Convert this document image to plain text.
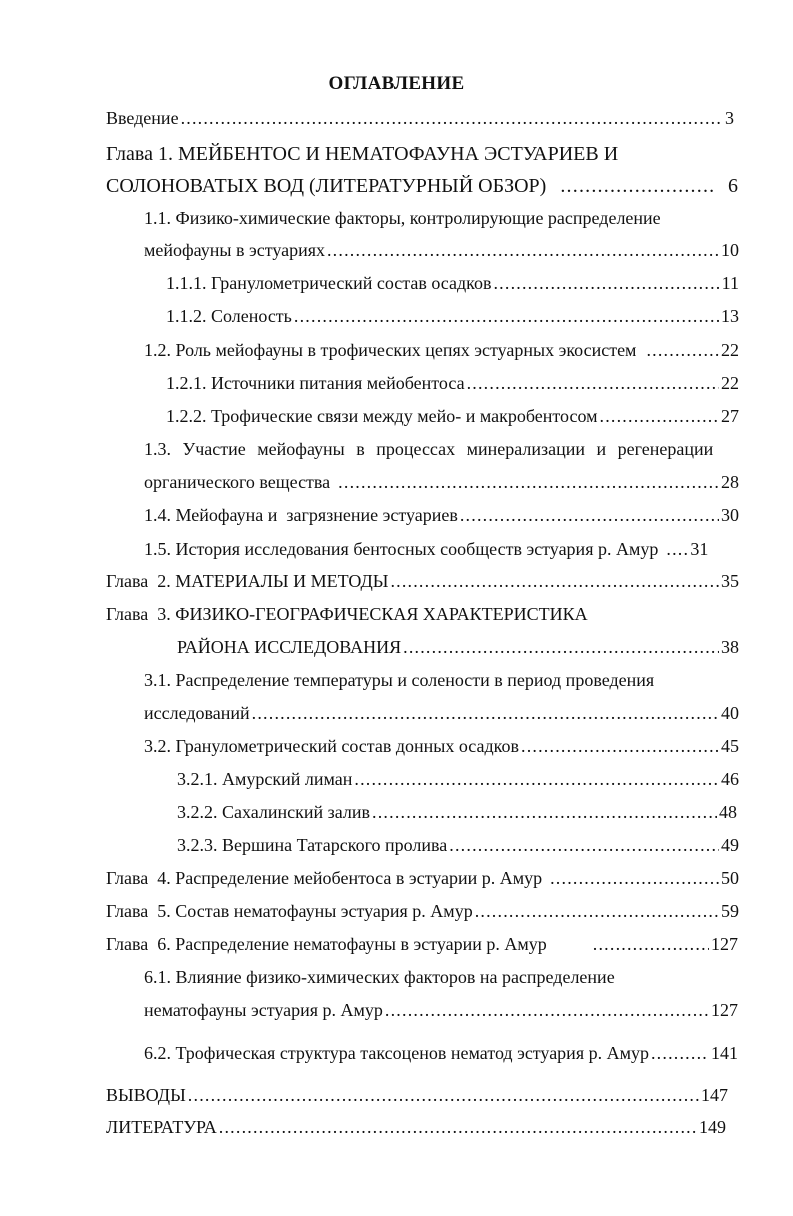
ОГЛАВЛЕНИЕ
Введение .....	3
Глава 1. МЕЙБЕНТОС И НЕМАТОФАУНА ЭСТУАРИЕВ И
СОЛОНОВАТЫХ ВОД (ЛИТЕРАТУРНЫЙ ОБЗОР) .....	6
1.1. Физико-химические факторы, контролирующие распределение
мейофауны в эстуариях .....	10
1.1.1. Гранулометрический состав осадков .....	11
1.1.2. Соленость .....	13
1.2. Роль мейофауны в трофических цепях эстуарных экосистем .....	22
1.2.1. Источники питания мейобентоса .....	22
1.2.2. Трофические связи между мейо- и макробентосом .....	27
1.3. Участие мейофауны в процессах минерализации и регенерации
органического вещества .....	28
1.4. Мейофауна и  загрязнение эстуариев .....	30
1.5. История исследования бентосных сообществ эстуария р. Амур ..... 31
Глава  2. МАТЕРИАЛЫ И МЕТОДЫ .....	35
Глава  3. ФИЗИКО-ГЕОГРАФИЧЕСКАЯ ХАРАКТЕРИСТИКА
РАЙОНА ИССЛЕДОВАНИЯ .....	38
3.1. Распределение температуры и солености в период проведения
исследований .....	40
3.2. Гранулометрический состав донных осадков .....	45
3.2.1. Амурский лиман .....	46
3.2.2. Сахалинский залив .....	48
3.2.3. Вершина Татарского пролива .....	49
Глава  4. Распределение мейобентоса в эстуарии р. Амур .....	50
Глава  5. Состав нематофауны эстуария р. Амур .....	59
Глава  6. Распределение нематофауны в эстуарии р. Амур .....	127
6.1. Влияние физико-химических факторов на распределение
нематофауны эстуария р. Амур .....	127
6.2. Трофическая структура таксоценов нематод эстуария р. Амур .....	141
ВЫВОДЫ .....	147
ЛИТЕРАТУРА .....	149
